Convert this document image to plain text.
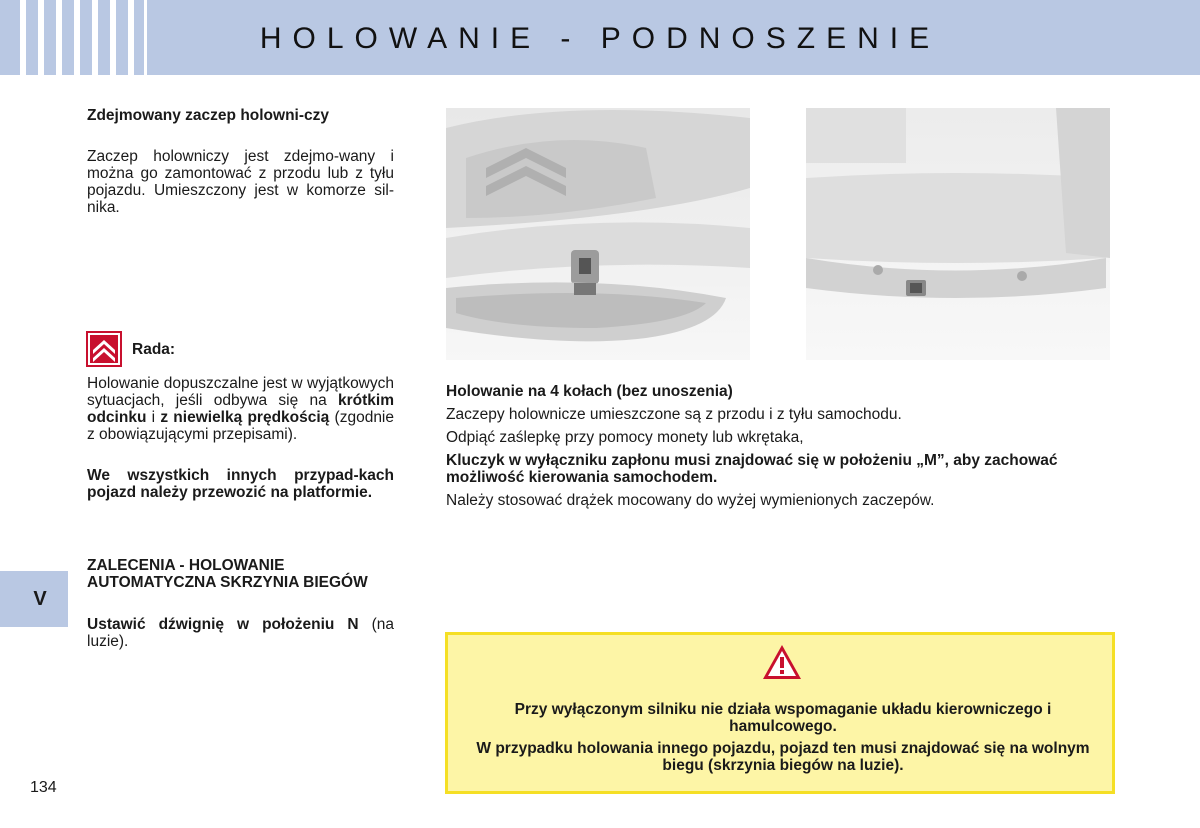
HOLOWANIE - PODNOSZENIE
Zdejmowany zaczep holowni-czy
Zaczep holowniczy jest zdejmo-wany i można go zamontować z przodu lub z tyłu pojazdu. Umieszczony jest w komorze sil-nika.
Rada:
Holowanie dopuszczalne jest w wyjątkowych sytuacjach, jeśli odbywa się na krótkim odcinku i z niewielką prędkością (zgodnie z obowiązującymi przepisami).
We wszystkich innych przypad-kach pojazd należy przewozić na platformie.
ZALECENIA - HOLOWANIE AUTOMATYCZNA SKRZYNIA BIEGÓW
Ustawić dźwignię w położeniu N (na luzie).
V
134
Holowanie na 4 kołach (bez unoszenia)
Zaczepy holownicze umieszczone są z przodu i z tyłu samochodu.
Odpiąć zaślepkę przy pomocy monety lub wkrętaka,
Kluczyk w wyłączniku zapłonu musi znajdować się w położeniu „M”, aby zachować możliwość kierowania samochodem.
Należy stosować drążek mocowany do wyżej wymienionych zaczepów.
Przy wyłączonym silniku nie działa wspomaganie układu kierowniczego i hamulcowego.
W przypadku holowania innego pojazdu, pojazd ten musi znajdować się na wolnym biegu (skrzynia biegów na luzie).
